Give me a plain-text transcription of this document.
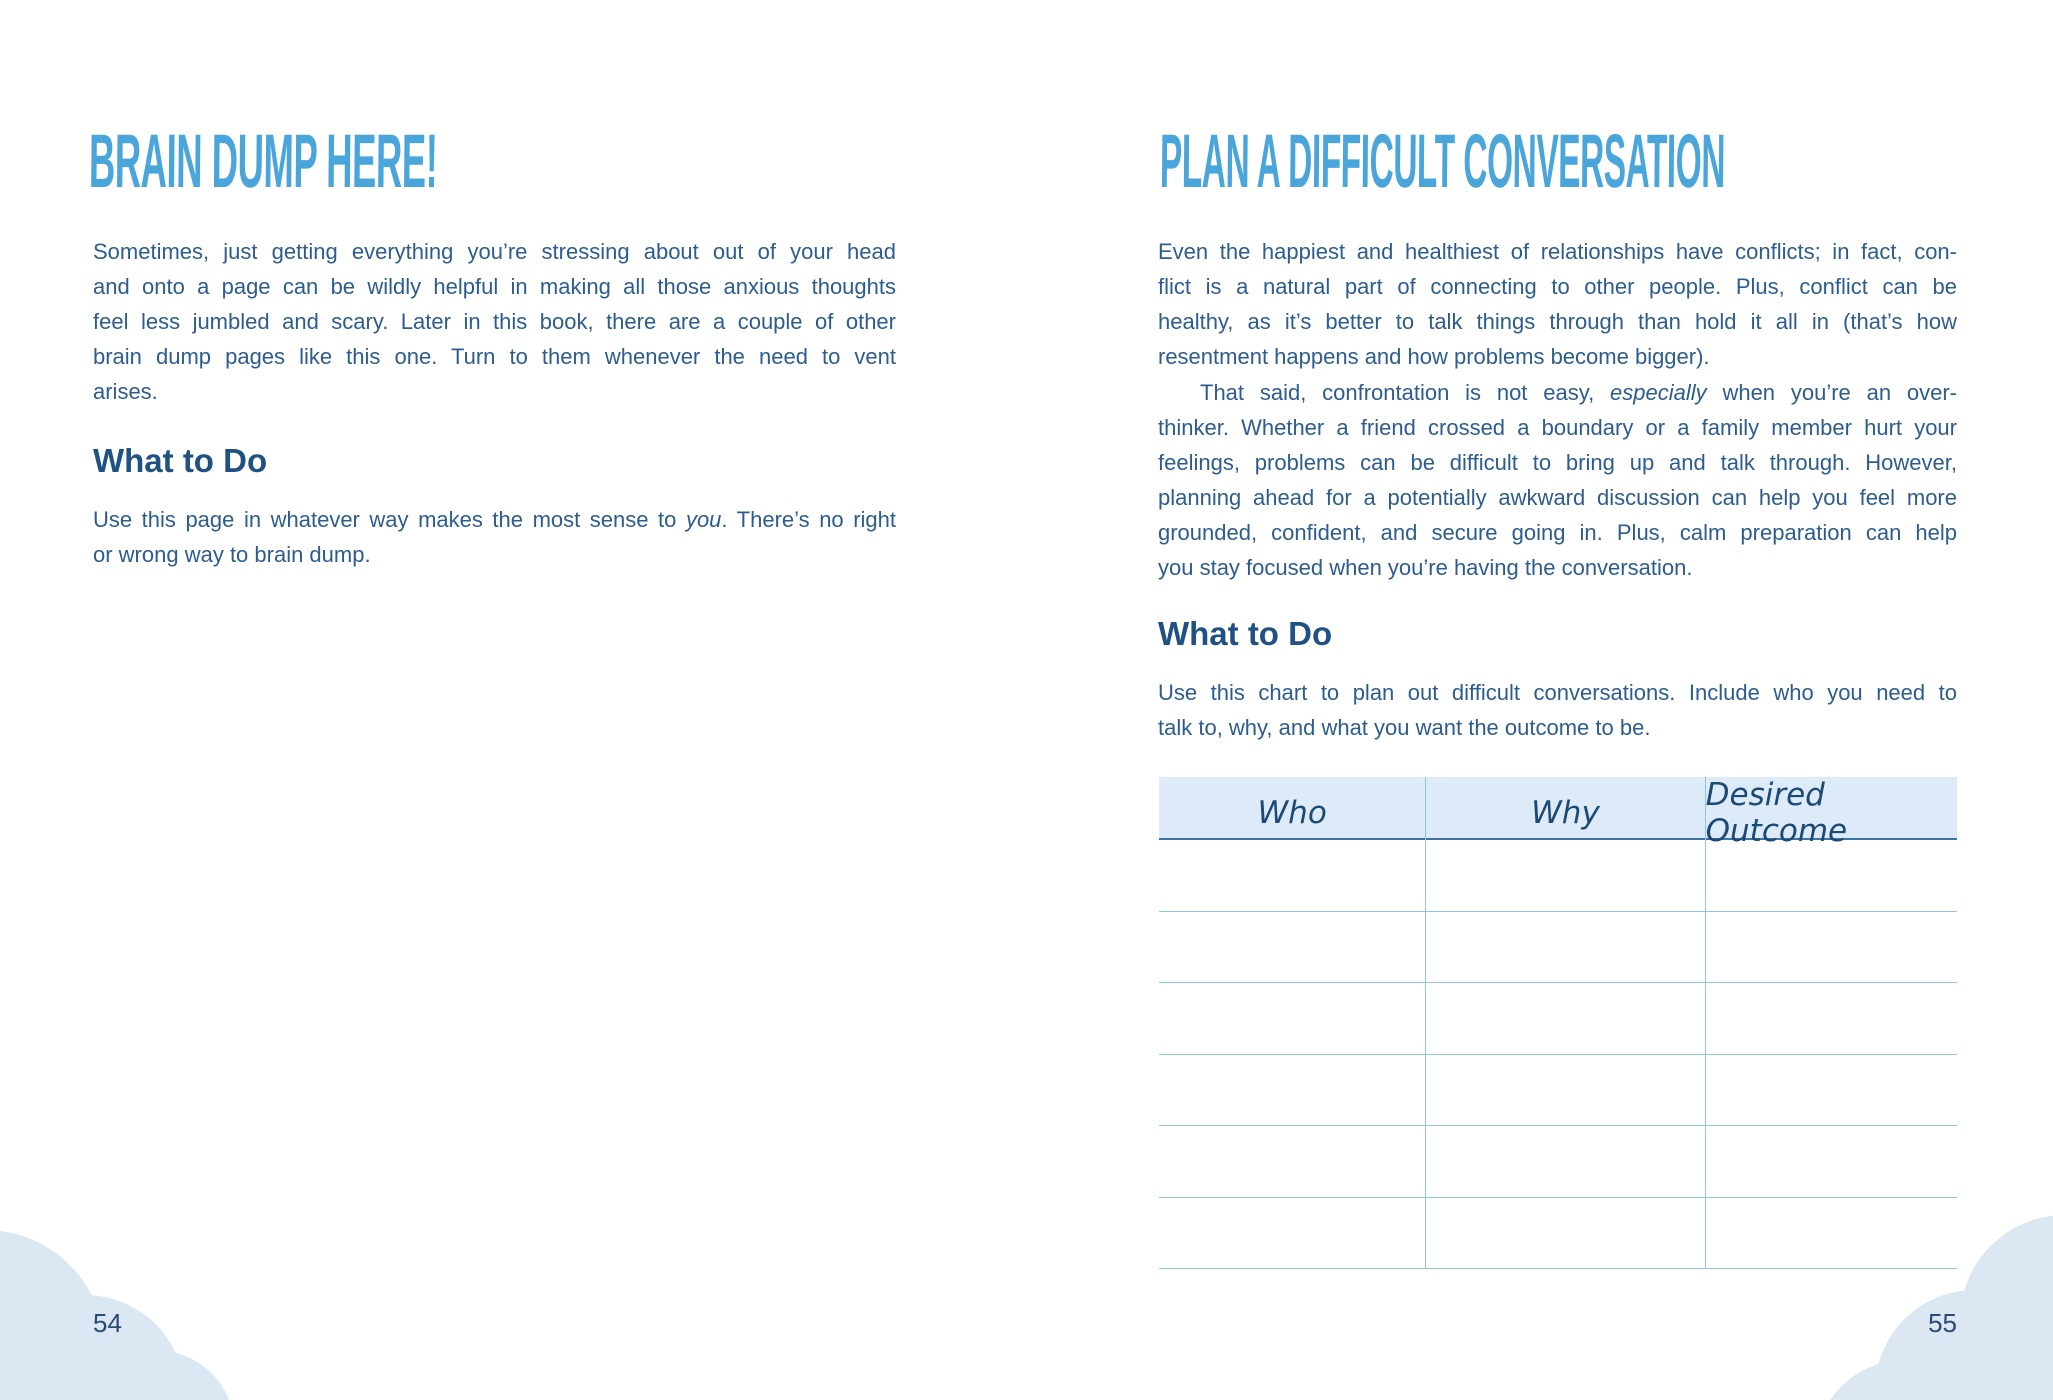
BRAIN DUMP HERE!
Sometimes, just getting everything you’re stressing about out of your head
and onto a page can be wildly helpful in making all those anxious thoughts
feel less jumbled and scary. Later in this book, there are a couple of other
brain dump pages like this one. Turn to them whenever the need to vent
arises.
What to Do
Use this page in whatever way makes the most sense to you. There’s no right
or wrong way to brain dump.
54
PLAN A DIFFICULT CONVERSATION
Even the happiest and healthiest of relationships have conflicts; in fact, con-
flict is a natural part of connecting to other people. Plus, conflict can be
healthy, as it’s better to talk things through than hold it all in (that’s how
resentment happens and how problems become bigger).
That said, confrontation is not easy, especially when you’re an over-
thinker. Whether a friend crossed a boundary or a family member hurt your
feelings, problems can be difficult to bring up and talk through. However,
planning ahead for a potentially awkward discussion can help you feel more
grounded, confident, and secure going in. Plus, calm preparation can help
you stay focused when you’re having the conversation.
What to Do
Use this chart to plan out difficult conversations. Include who you need to
talk to, why, and what you want the outcome to be.
Who	Why	Desired Outcome
55
